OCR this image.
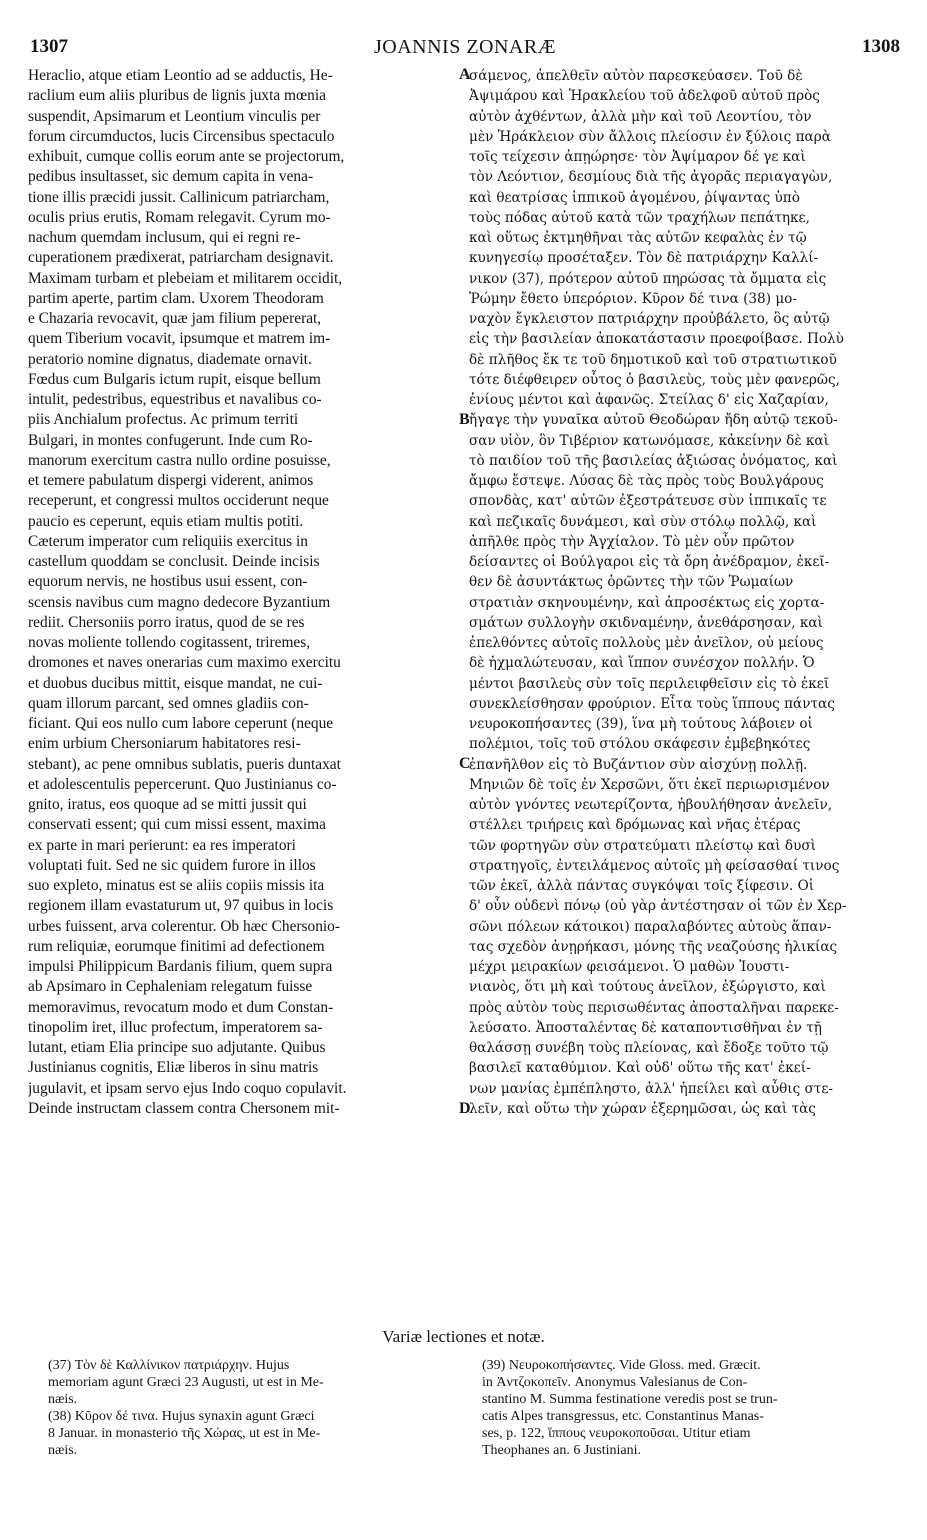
1307	JOANNIS ZONARÆ	1308
Heraclio, atque etiam Leontio ad se adductis, He-
raclium eum aliis pluribus de lignis juxta mœnia
suspendit, Apsimarum et Leontium vinculis per
forum circumductos, lucis Circensibus spectaculo
exhibuit, cumque collis eorum ante se projectorum,
pedibus insultasset, sic demum capita in vena-
tione illis præcidi jussit. Callinicum patriarcham,
oculis prius erutis, Romam relegavit. Cyrum mo-
nachum quemdam inclusum, qui ei regni re-
cuperationem prædixerat, patriarcham designavit.
Maximam turbam et plebeiam et militarem occidit,
partim aperte, partim clam. Uxorem Theodoram
e Chazaria revocavit, quæ jam filium pepererat,
quem Tiberium vocavit, ipsumque et matrem im-
peratorio nomine dignatus, diademate ornavit.
Fœdus cum Bulgaris ictum rupit, eisque bellum
intulit, pedestribus, equestribus et navalibus co-
piis Anchialum profectus. Ac primum territi
Bulgari, in montes confugerunt. Inde cum Ro-
manorum exercitum castra nullo ordine posuisse,
et temere pabulatum dispergi viderent, animos
receperunt, et congressi multos occiderunt neque
paucio es ceperunt, equis etiam multis potiti.
Cæterum imperator cum reliquiis exercitus in
castellum quoddam se conclusit. Deinde incisis
equorum nervis, ne hostibus usui essent, con-
scensis navibus cum magno dedecore Byzantium
rediit. Chersoniis porro iratus, quod de se res
novas moliente tollendo cogitassent, triremes,
dromones et naves onerarias cum maximo exercitu
et duobus ducibus mittit, eisque mandat, ne cui-
quam illorum parcant, sed omnes gladiis con-
ficiant. Qui eos nullo cum labore ceperunt (neque
enim urbium Chersoniarum habitatores resi-
stebant), ac pene omnibus sublatis, pueris duntaxat
et adolescentulis pepercerunt. Quo Justinianus co-
gnito, iratus, eos quoque ad se mitti jussit qui
conservati essent; qui cum missi essent, maxima
ex parte in mari perierunt: ea res imperatori
voluptati fuit. Sed ne sic quidem furore in illos
suo expleto, minatus est se aliis copiis missis ita
regionem illam evastaturum ut, 97 quibus in locis
urbes fuissent, arva colerentur. Ob hæc Chersonio-
rum reliquiæ, eorumque finitimi ad defectionem
impulsi Philippicum Bardanis filium, quem supra
ab Apsimaro in Cephaleniam relegatum fuisse
memoravimus, revocatum modo et dum Constan-
tinopolim iret, illuc profectum, imperatorem sa-
lutant, etiam Elia principe suo adjutante. Quibus
Justinianus cognitis, Eliæ liberos in sinu matris
jugulavit, et ipsam servo ejus Indo coquo copulavit.
Deinde instructam classem contra Chersonem mit-
σάμενος, ἀπελθεῖν αὐτὸν παρεσκεύασεν. Τοῦ δὲ
Ἀψιμάρου καὶ Ἡρακλείου τοῦ ἀδελφοῦ αὐτοῦ πρὸς
αὐτὸν ἀχθέντων, ἀλλὰ μὴν καὶ τοῦ Λεοντίου, τὸν
μὲν Ἡράκλειον σὺν ἄλλοις πλείοσιν ἐν ξύλοις παρὰ
τοῖς τείχεσιν ἀπῃώρησε· τὸν Ἀψίμαρον δέ γε καὶ
τὸν Λεόντιον, δεσμίους διὰ τῆς ἀγορᾶς περιαγαγὼν,
καὶ θεατρίσας ἱππικοῦ ἀγομένου, ῥίψαντας ὑπὸ
τοὺς πόδας αὐτοῦ κατὰ τῶν τραχήλων πεπάτηκε,
καὶ οὕτως ἐκτμηθῆναι τὰς αὐτῶν κεφαλὰς ἐν τῷ
κυνηγεσίῳ προσέταξεν. Τὸν δὲ πατριάρχην Καλλί-
νικον (37), πρότερον αὐτοῦ πηρώσας τὰ ὄμματα εἰς
Ῥώμην ἔθετο ὑπερόριον. Κῦρον δέ τινα (38) μο-
ναχὸν ἔγκλειστον πατριάρχην προὐβάλετο, ὃς αὐτῷ
εἰς τὴν βασιλείαν ἀποκατάστασιν προεφοίβασε. Πολὺ
δὲ πλῆθος ἔκ τε τοῦ δημοτικοῦ καὶ τοῦ στρατιωτικοῦ
τότε διέφθειρεν οὗτος ὁ βασιλεὺς, τοὺς μὲν φανερῶς,
ἐνίους μέντοι καὶ ἀφανῶς. Στείλας δ' εἰς Χαζαρίαν,
ἤγαγε τὴν γυναῖκα αὐτοῦ Θεοδώραν ἤδη αὐτῷ τεκοῦ-
σαν υἱὸν, ὃν Τιβέριον κατωνόμασε, κἀκείνην δὲ καὶ
τὸ παιδίον τοῦ τῆς βασιλείας ἀξιώσας ὀνόματος, καὶ
ἄμφω ἔστεψε. Λύσας δὲ τὰς πρὸς τοὺς Βουλγάρους
σπονδὰς, κατ' αὐτῶν ἐξεστράτευσε σὺν ἱππικαῖς τε
καὶ πεζικαῖς δυνάμεσι, καὶ σὺν στόλῳ πολλῷ, καὶ
ἀπῆλθε πρὸς τὴν Ἀγχίαλον. Τὸ μὲν οὖν πρῶτον
δείσαντες οἱ Βούλγαροι εἰς τὰ ὄρη ἀνέδραμον, ἐκεῖ-
θεν δὲ ἀσυντάκτως ὁρῶντες τὴν τῶν Ῥωμαίων
στρατιὰν σκηνουμένην, καὶ ἀπροσέκτως εἰς χορτα-
σμάτων συλλογὴν σκιδναμένην, ἀνεθάρσησαν, καὶ
ἐπελθόντες αὐτοῖς πολλοὺς μὲν ἀνεῖλον, οὐ μείους
δὲ ἠχμαλώτευσαν, καὶ ἵππον συνέσχον πολλήν. Ὁ
μέντοι βασιλεὺς σὺν τοῖς περιλειφθεῖσιν εἰς τὸ ἐκεῖ
συνεκλείσθησαν φρούριον. Εἶτα τοὺς ἵππους πάντας
νευροκοπήσαντες (39), ἵνα μὴ τούτους λάβοιεν οἱ
πολέμιοι, τοῖς τοῦ στόλου σκάφεσιν ἐμβεβηκότες
ἐπανῆλθον εἰς τὸ Βυζάντιον σὺν αἰσχύνῃ πολλῇ.
Μηνιῶν δὲ τοῖς ἐν Χερσῶνι, ὅτι ἐκεῖ περιωρισμένον
αὐτὸν γνόντες νεωτερίζοντα, ἠβουλήθησαν ἀνελεῖν,
στέλλει τριήρεις καὶ δρόμωνας καὶ νῆας ἑτέρας
τῶν φορτηγῶν σὺν στρατεύματι πλείστῳ καὶ δυσὶ
στρατηγοῖς, ἐντειλάμενος αὐτοῖς μὴ φείσασθαί τινος
τῶν ἐκεῖ, ἀλλὰ πάντας συγκόψαι τοῖς ξίφεσιν. Οἱ
δ' οὖν οὐδενὶ πόνῳ (οὐ γὰρ ἀντέστησαν οἱ τῶν ἐν Χερ-
σῶνι πόλεων κάτοικοι) παραλαβόντες αὐτοὺς ἅπαν-
τας σχεδὸν ἀνῃρήκασι, μόνης τῆς νεαζούσης ἡλικίας
μέχρι μειρακίων φεισάμενοι. Ὁ μαθὼν Ἰουστι-
νιανὸς, ὅτι μὴ καὶ τούτους ἀνεῖλον, ἐξώργιστο, καὶ
πρὸς αὐτὸν τοὺς περισωθέντας ἀποσταλῆναι παρεκε-
λεύσατο. Ἀποσταλέντας δὲ καταποντισθῆναι ἐν τῇ
θαλάσσῃ συνέβη τοὺς πλείονας, καὶ ἔδοξε τοῦτο τῷ
βασιλεῖ καταθύμιον. Καὶ οὐδ' οὕτω τῆς κατ' ἐκεί-
νων μανίας ἐμπέπληστο, ἀλλ' ἠπείλει καὶ αὖθις στε-
λεῖν, καὶ οὕτω τὴν χώραν ἐξερημῶσαι, ὡς καὶ τὰς
A
B
C
D
Variæ lectiones et notæ.
(37) Τὸν δὲ Καλλίνικον πατριάρχην. Hujus
memoriam agunt Græci 23 Augusti, ut est in Me-
næis.
(38) Κῦρον δέ τινα. Hujus synaxin agunt Græci
8 Januar. in monasterio τῆς Χώρας, ut est in Me-
næis.
(39) Νευροκοπήσαντες. Vide Gloss. med. Græcit.
in Ἀντζοκοπεῖν. Anonymus Valesianus de Con-
stantino M. Summa festinatione veredis post se trun-
catis Alpes transgressus, etc. Constantinus Manas-
ses, p. 122, ἵππους νευροκοποῦσαι. Utitur etiam
Theophanes an. 6 Justiniani.
